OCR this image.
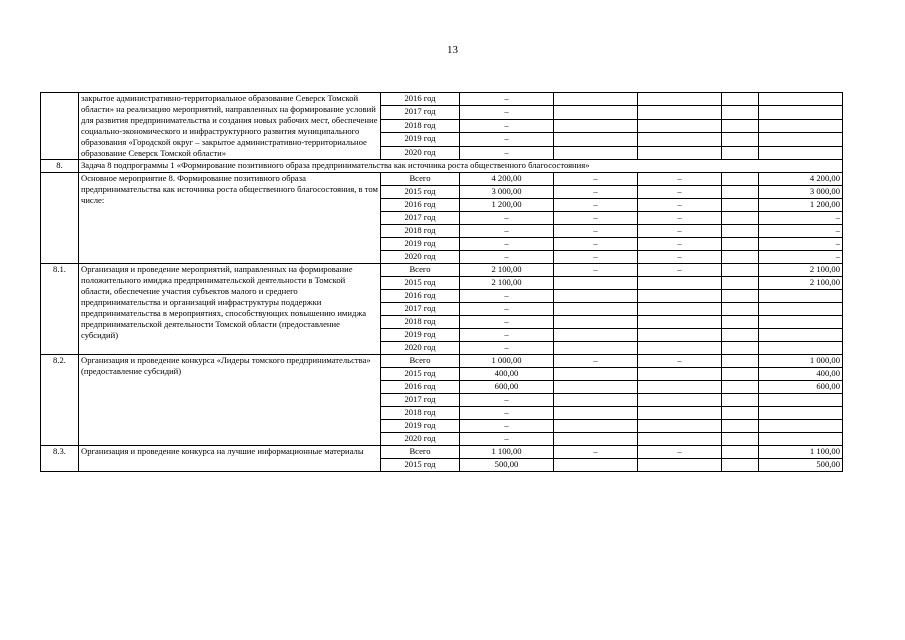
13
	закрытое административно-территориальное образование Северск Томской области» на реализацию мероприятий, направленных на формирование условий для развития предпринимательства и создания новых рабочих мест, обеспечение социально-экономического и инфраструктурного развития муниципального образования «Городской округ – закрытое административно-территориальное образование Северск Томской области»	2016 год	–				
		2017 год	–				
		2018 год	–				
		2019 год	–				
		2020 год	–				
8.	Задача 8 подпрограммы 1 «Формирование позитивного образа предпринимательства как источника роста общественного благосостояния»						
	Основное мероприятие 8. Формирование позитивного образа предпринимательства как источника роста общественного благосостояния, в том числе:	Всего	4 200,00	–	–		4 200,00
		2015 год	3 000,00	–	–		3 000,00
		2016 год	1 200,00	–	–		1 200,00
		2017 год	–	–	–		–
		2018 год	–	–	–		–
		2019 год	–	–	–		–
		2020 год	–	–	–		–
8.1.	Организация и проведение мероприятий, направленных на формирование положительного имиджа предпринимательской деятельности в Томской области, обеспечение участия субъектов малого и среднего предпринимательства и организаций инфраструктуры поддержки предпринимательства в мероприятиях, способствующих повышению имиджа предпринимательской деятельности Томской области (предоставление субсидий)	Всего	2 100,00	–	–		2 100,00
		2015 год	2 100,00				2 100,00
		2016 год	–				
		2017 год	–				
		2018 год	–				
		2019 год	–				
		2020 год	–				
8.2.	Организация и проведение конкурса «Лидеры томского предпринимательства» (предоставление субсидий)	Всего	1 000,00	–	–		1 000,00
		2015 год	400,00				400,00
		2016 год	600,00				600,00
		2017 год	–				
		2018 год	–				
		2019 год	–				
		2020 год	–				
8.3.	Организация и проведение конкурса на лучшие информационные материалы	Всего	1 100,00	–	–		1 100,00
		2015 год	500,00				500,00
